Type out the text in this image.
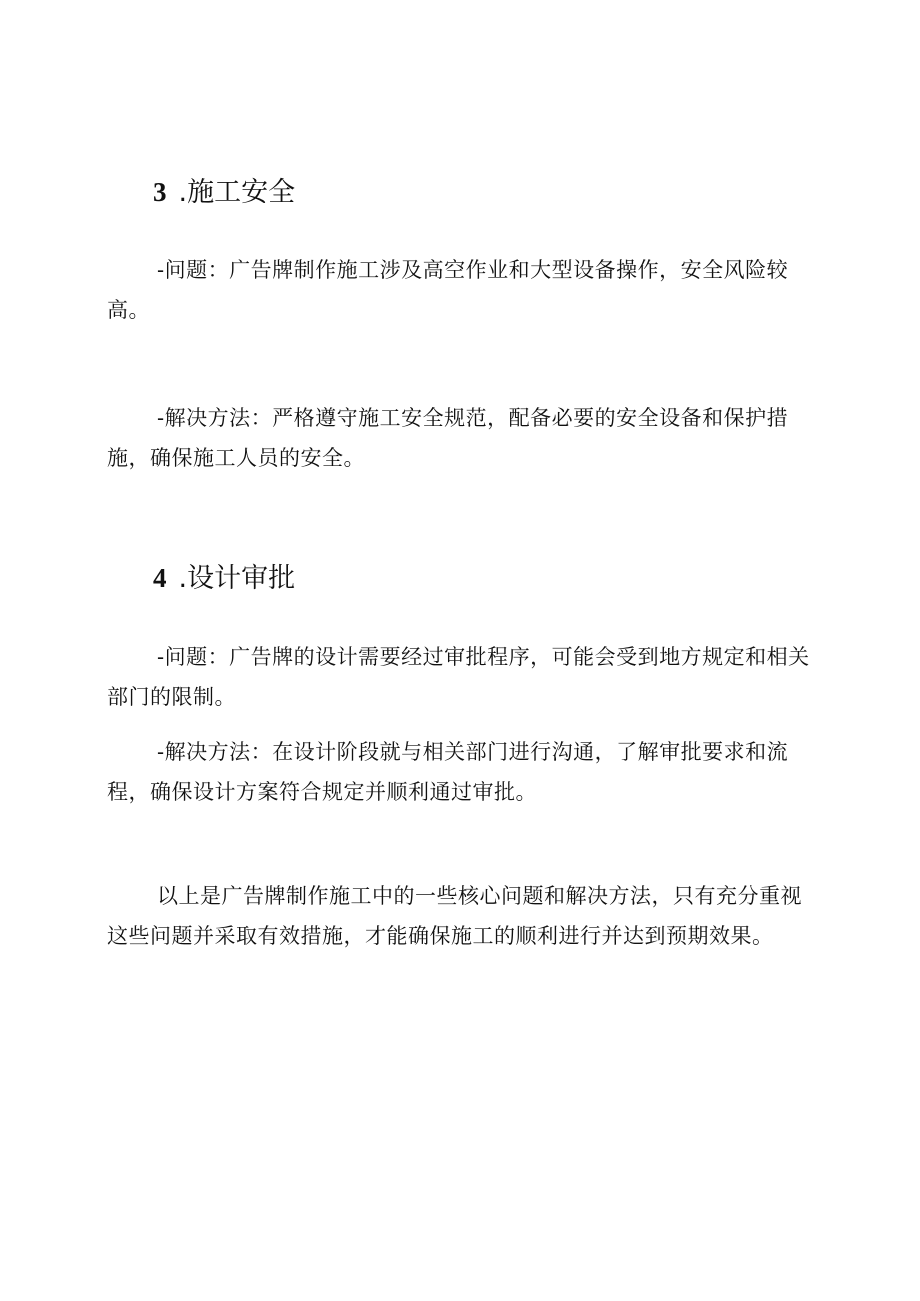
3 .施工安全

-问题：广告牌制作施工涉及高空作业和大型设备操作，安全风险较高。

-解决方法：严格遵守施工安全规范，配备必要的安全设备和保护措施，确保施工人员的安全。

4 .设计审批

-问题：广告牌的设计需要经过审批程序，可能会受到地方规定和相关部门的限制。

-解决方法：在设计阶段就与相关部门进行沟通，了解审批要求和流程，确保设计方案符合规定并顺利通过审批。

以上是广告牌制作施工中的一些核心问题和解决方法，只有充分重视这些问题并采取有效措施，才能确保施工的顺利进行并达到预期效果。
